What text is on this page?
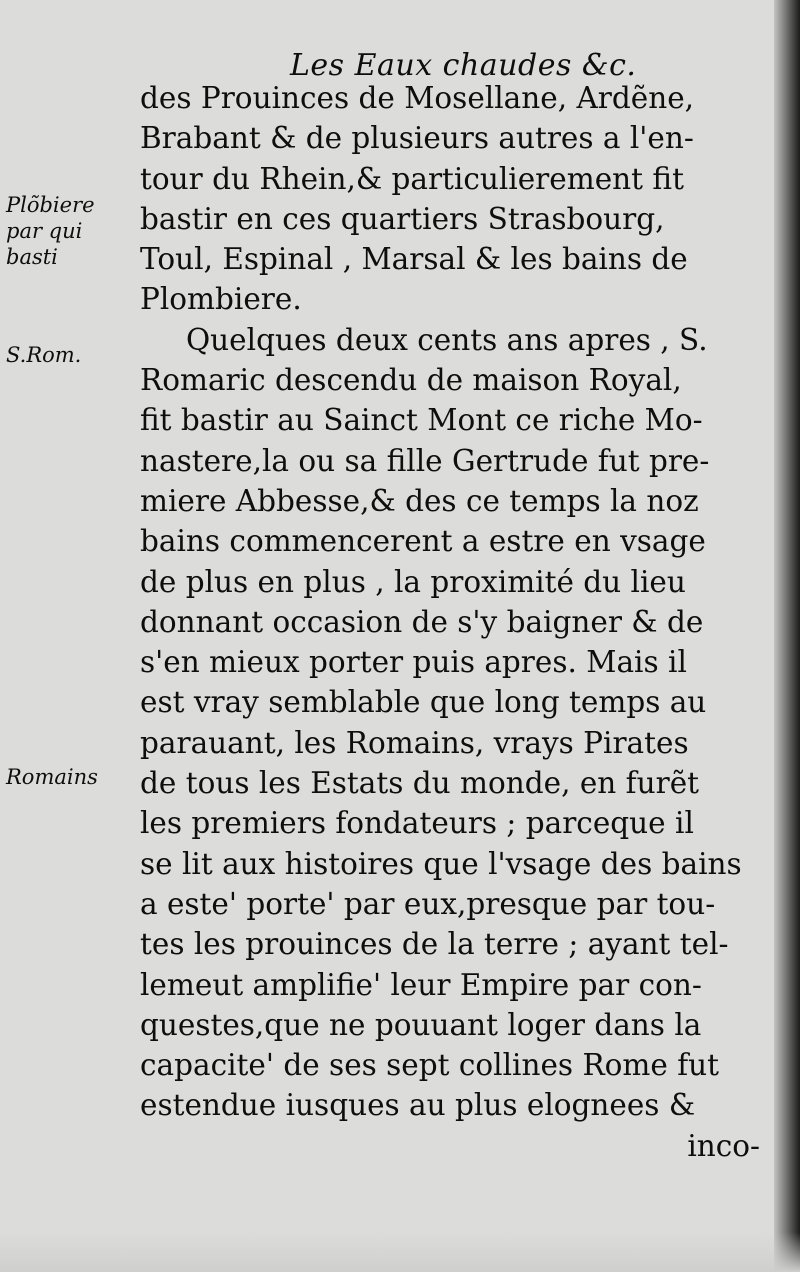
Les Eaux chaudes &c.
Plõbiere
par qui
basti
S.Rom.
Romains
des Prouinces de Mosellane, Ardẽne,
Brabant & de plusieurs autres a l'en-
tour du Rhein,& particulierement fit
bastir en ces quartiers Strasbourg,
Toul, Espinal , Marsal & les bains de
Plombiere.
Quelques deux cents ans apres , S.
Romaric descendu de maison Royal,
fit bastir au Sainct Mont ce riche Mo-
nastere,la ou sa fille Gertrude fut pre-
miere Abbesse,& des ce temps la noz
bains commencerent a estre en vsage
de plus en plus , la proximité du lieu
donnant occasion de s'y baigner & de
s'en mieux porter puis apres. Mais il
est vray semblable que long temps au
parauant, les Romains, vrays Pirates
de tous les Estats du monde, en furẽt
les premiers fondateurs ; parceque il
se lit aux histoires que l'vsage des bains
a este' porte' par eux,presque par tou-
tes les prouinces de la terre ; ayant tel-
lemeut amplifie' leur Empire par con-
questes,que ne pouuant loger dans la
capacite' de ses sept collines Rome fut
estendue iusques au plus elognees &
inco-
